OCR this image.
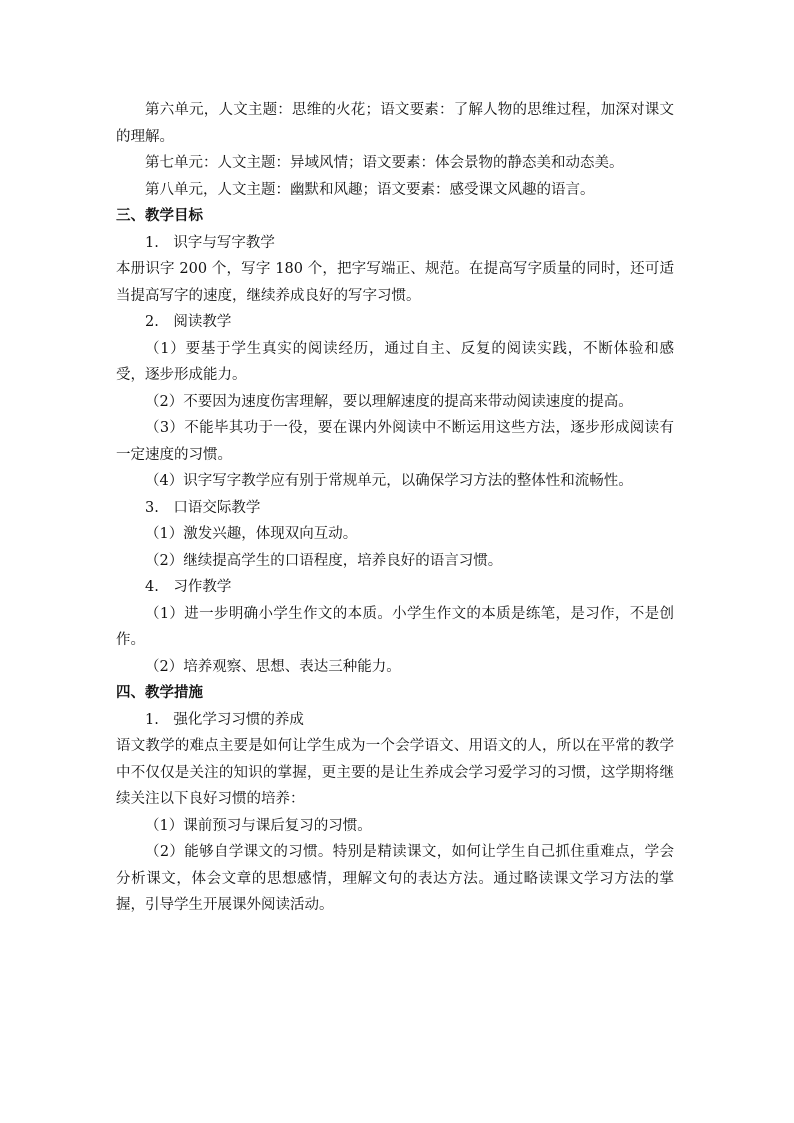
第六单元，人文主题：思维的火花；语文要素：了解人物的思维过程，加深对课文的理解。

第七单元：人文主题：异域风情；语文要素：体会景物的静态美和动态美。

第八单元，人文主题：幽默和风趣；语文要素：感受课文风趣的语言。

三、教学目标

1.　识字与写字教学

本册识字 200 个，写字 180 个，把字写端正、规范。在提高写字质量的同时，还可适当提高写字的速度，继续养成良好的写字习惯。

2.　阅读教学

（1）要基于学生真实的阅读经历，通过自主、反复的阅读实践，不断体验和感受，逐步形成能力。

（2）不要因为速度伤害理解，要以理解速度的提高来带动阅读速度的提高。

（3）不能毕其功于一役，要在课内外阅读中不断运用这些方法，逐步形成阅读有一定速度的习惯。

（4）识字写字教学应有别于常规单元，以确保学习方法的整体性和流畅性。

3.　口语交际教学

（1）激发兴趣，体现双向互动。

（2）继续提高学生的口语程度，培养良好的语言习惯。

4.　习作教学

（1）进一步明确小学生作文的本质。小学生作文的本质是练笔，是习作，不是创作。

（2）培养观察、思想、表达三种能力。

四、教学措施

1.　强化学习习惯的养成

语文教学的难点主要是如何让学生成为一个会学语文、用语文的人，所以在平常的教学中不仅仅是关注的知识的掌握，更主要的是让生养成会学习爱学习的习惯，这学期将继续关注以下良好习惯的培养：

（1）课前预习与课后复习的习惯。

（2）能够自学课文的习惯。特别是精读课文，如何让学生自己抓住重难点，学会分析课文，体会文章的思想感情，理解文句的表达方法。通过略读课文学习方法的掌握，引导学生开展课外阅读活动。
